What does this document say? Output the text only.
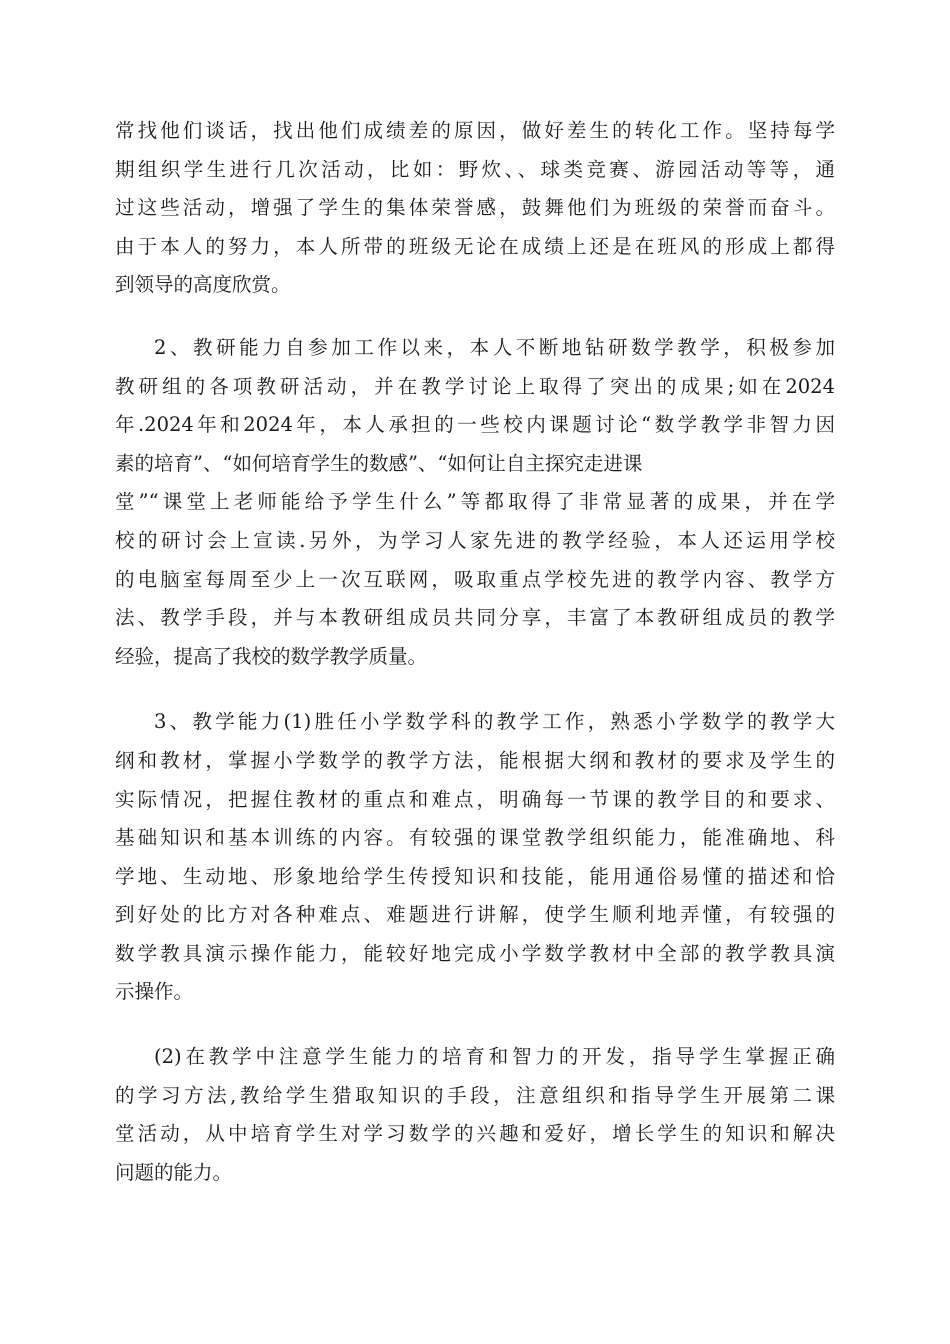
常找他们谈话，找出他们成绩差的原因，做好差生的转化工作。坚持每学
期组织学生进行几次活动，比如：野炊、、球类竞赛、游园活动等等，通
过这些活动，增强了学生的集体荣誉感，鼓舞他们为班级的荣誉而奋斗。
由于本人的努力，本人所带的班级无论在成绩上还是在班风的形成上都得
到领导的高度欣赏。

2、教研能力自参加工作以来，本人不断地钻研数学教学，积极参加
教研组的各项教研活动，并在教学讨论上取得了突出的成果;如在2024
年.2024年和2024年，本人承担的一些校内课题讨论“数学教学非智力因
素的培育”、“如何培育学生的数感”、“如何让自主探究走进课
堂”“课堂上老师能给予学生什么”等都取得了非常显著的成果，并在学
校的研讨会上宣读.另外，为学习人家先进的教学经验，本人还运用学校
的电脑室每周至少上一次互联网，吸取重点学校先进的教学内容、教学方
法、教学手段，并与本教研组成员共同分享，丰富了本教研组成员的教学
经验，提高了我校的数学教学质量。

3、教学能力(1)胜任小学数学科的教学工作，熟悉小学数学的教学大
纲和教材，掌握小学数学的教学方法，能根据大纲和教材的要求及学生的
实际情况，把握住教材的重点和难点，明确每一节课的教学目的和要求、
基础知识和基本训练的内容。有较强的课堂教学组织能力，能准确地、科
学地、生动地、形象地给学生传授知识和技能，能用通俗易懂的描述和恰
到好处的比方对各种难点、难题进行讲解，使学生顺利地弄懂，有较强的
数学教具演示操作能力，能较好地完成小学数学教材中全部的教学教具演
示操作。

(2)在教学中注意学生能力的培育和智力的开发，指导学生掌握正确
的学习方法,教给学生猎取知识的手段，注意组织和指导学生开展第二课
堂活动，从中培育学生对学习数学的兴趣和爱好，增长学生的知识和解决
问题的能力。
